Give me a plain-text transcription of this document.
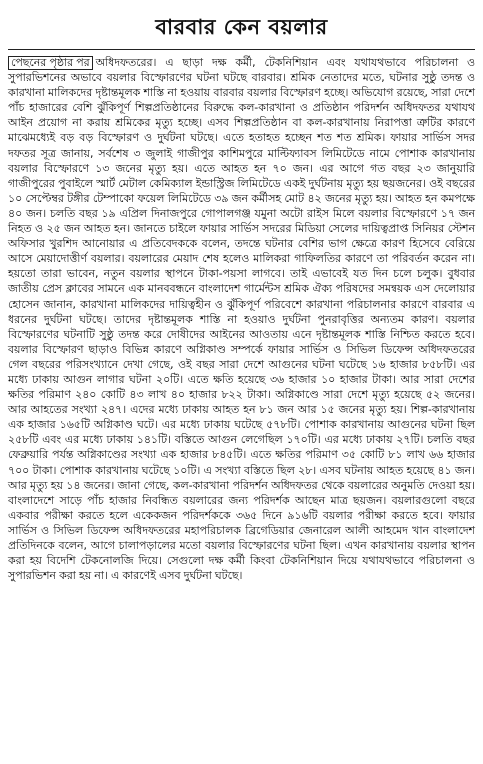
বারবার কেন বয়লার

পেছনের পৃষ্ঠার পর অধিদফতরের। এ ছাড়া দক্ষ কর্মী, টেকনিশিয়ান এবং যথাযথভাবে পরিচালনা ও সুপারভিশনের অভাবে বয়লার বিস্ফোরণের ঘটনা ঘটছে বারবার। শ্রমিক নেতাদের মতে, ঘটনার সুষ্ঠু তদন্ত ও কারখানা মালিকদের দৃষ্টান্তমূলক শাস্তি না হওয়ায় বারবার বয়লার বিস্ফোরণ হচ্ছে। অভিযোগ রয়েছে, সারা দেশে পাঁচ হাজারের বেশি ঝুঁকিপূর্ণ শিল্পপ্রতিষ্ঠানের বিরুদ্ধে কল-কারখানা ও প্রতিষ্ঠান পরিদর্শন অধিদফতর যথাযথ আইন প্রয়োগ না করায় শ্রমিকের মৃত্যু হচ্ছে। এসব শিল্পপ্রতিষ্ঠান বা কল-কারখানায় নিরাপত্তা ত্রুটির কারণে মাঝেমধ্যেই বড় বড় বিস্ফোরণ ও দুর্ঘটনা ঘটছে। এতে হতাহত হচ্ছেন শত শত শ্রমিক। ফায়ার সার্ভিস সদর দফতর সূত্র জানায়, সর্বশেষ ৩ জুলাই গাজীপুর কাশিমপুরে মাল্টিফ্যাবস লিমিটেডে নামে পোশাক কারখানায় বয়লার বিস্ফোরণে ১৩ জনের মৃত্যু হয়। এতে আহত হন ৭০ জন। এর আগে গত বছর ২৩ জানুয়ারি গাজীপুরের পুবাইলে স্মার্ট মেটাল কেমিক্যাল ইন্ডাস্ট্রিজ লিমিটেডে একই দুর্ঘটনায় মৃত্যু হয় ছয়জনের। ওই বছরের ১০ সেপ্টেম্বর টঙ্গীর টেম্পাকো ফয়েল লিমিটেডে ৩৯ জন কর্মীসহ মোট ৪২ জনের মৃত্যু হয়। আহত হন কমপক্ষে ৪০ জন। চলতি বছর ১৯ এপ্রিল দিনাজপুরে গোপালগঞ্জ যমুনা অটো রাইস মিলে বয়লার বিস্ফোরণে ১৭ জন নিহত ও ২৫ জন আহত হন। জানতে চাইলে ফায়ার সার্ভিস সদরের মিডিয়া সেলের দায়িত্বপ্রাপ্ত সিনিয়র স্টেশন অফিসার খুরশিদ আনোয়ার এ প্রতিবেদককে বলেন, তদন্তে ঘটনার বেশির ভাগ ক্ষেত্রে কারণ হিসেবে বেরিয়ে আসে মেয়াদোত্তীর্ণ বয়লার। বয়লারের মেয়াদ শেষ হলেও মালিকরা গাফিলতির কারণে তা পরিবর্তন করেন না। হয়তো তারা ভাবেন, নতুন বয়লার স্থাপনে টাকা-পয়সা লাগবে। তাই এভাবেই যত দিন চলে চলুক। বুধবার জাতীয় প্রেস ক্লাবের সামনে এক মানববন্ধনে বাংলাদেশ গার্মেন্টস শ্রমিক ঐক্য পরিষদের সমন্বয়ক এস দেলোয়ার হোসেন জানান, কারখানা মালিকদের দায়িত্বহীন ও ঝুঁকিপূর্ণ পরিবেশে কারখানা পরিচালনার কারণে বারবার এ ধরনের দুর্ঘটনা ঘটছে। তাদের দৃষ্টান্তমূলক শাস্তি না হওয়াও দুর্ঘটনা পুনরাবৃত্তির অন্যতম কারণ। বয়লার বিস্ফোরণের ঘটনাটি সুষ্ঠু তদন্ত করে দোষীদের আইনের আওতায় এনে দৃষ্টান্তমূলক শাস্তি নিশ্চিত করতে হবে। বয়লার বিস্ফোরণ ছাড়াও বিভিন্ন কারণে অগ্নিকাণ্ড সম্পর্কে ফায়ার সার্ভিস ও সিভিল ডিফেন্স অধিদফতরের গেল বছরের পরিসংখ্যানে দেখা গেছে, ওই বছর সারা দেশে আগুনের ঘটনা ঘটেছে ১৬ হাজার ৮৫৮টি। এর মধ্যে ঢাকায় আগুন লাগার ঘটনা ২০টি। এতে ক্ষতি হয়েছে ৩৬ হাজার ১০ হাজার টাকা। আর সারা দেশের ক্ষতির পরিমাণ ২৪০ কোটি ৪৩ লাখ ৪০ হাজার ৮২২ টাকা। অগ্নিকাণ্ডে সারা দেশে মৃত্যু হয়েছে ৫২ জনের। আর আহতের সংখ্যা ২৪৭। এদের মধ্যে ঢাকায় আহত হন ৮১ জন আর ১৫ জনের মৃত্যু হয়। শিল্প-কারখানায় এক হাজার ১৬৫টি অগ্নিকাণ্ড ঘটে। এর মধ্যে ঢাকায় ঘটেছে ৫৭৮টি। পোশাক কারখানায় আগুনের ঘটনা ছিল ২৫৮টি এবং এর মধ্যে ঢাকায় ১৪১টি। বস্তিতে আগুন লেগেছিল ১৭০টি। এর মধ্যে ঢাকায় ২৭টি। চলতি বছর ফেব্রুয়ারি পর্যন্ত অগ্নিকাণ্ডের সংখ্যা এক হাজার ৮৪৫টি। এতে ক্ষতির পরিমাণ ৩৫ কোটি ৮১ লাখ ৬৬ হাজার ৭০০ টাকা। পোশাক কারখানায় ঘটেছে ১০টি। এ সংখ্যা বস্তিতে ছিল ২৮। এসব ঘটনায় আহত হয়েছে ৪১ জন। আর মৃত্যু হয় ১৪ জনের। জানা গেছে, কল-কারখানা পরিদর্শন অধিদফতর থেকে বয়লারের অনুমতি দেওয়া হয়। বাংলাদেশে সাড়ে পাঁচ হাজার নিবন্ধিত বয়লারের জন্য পরিদর্শক আছেন মাত্র ছয়জন। বয়লারগুলো বছরে একবার পরীক্ষা করতে হলে একেকজন পরিদর্শককে ৩৬৫ দিনে ৯১৬টি বয়লার পরীক্ষা করতে হবে। ফায়ার সার্ভিস ও সিভিল ডিফেন্স অধিদফতরের মহাপরিচালক ব্রিগেডিয়ার জেনারেল আলী আহমেদ খান বাংলাদেশ প্রতিদিনকে বলেন, আগে চালাপড়ালের মতো বয়লার বিস্ফোরণের ঘটনা ছিল। এখন কারখানায় বয়লার স্থাপন করা হয় বিদেশি টেকনোলজি দিয়ে। সেগুলো দক্ষ কর্মী কিংবা টেকনিশিয়ান দিয়ে যথাযথভাবে পরিচালনা ও সুপারভিশন করা হয় না। এ কারণেই এসব দুর্ঘটনা ঘটছে।
